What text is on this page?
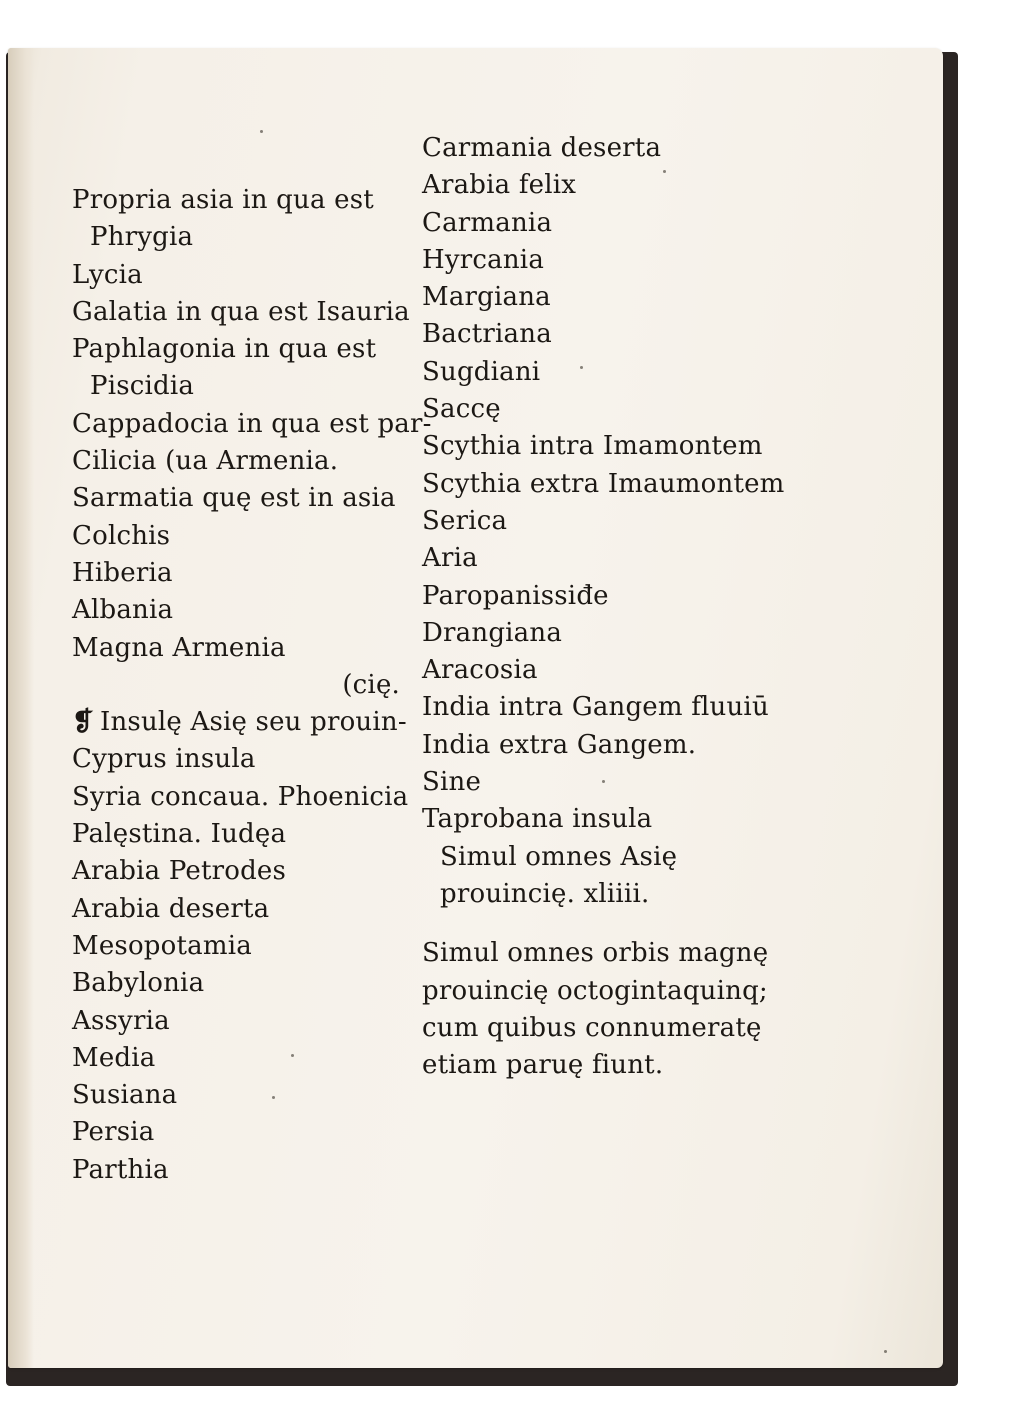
Propria asia in qua est
Phrygia
Lycia
Galatia in qua est Isauria
Paphlagonia in qua est
Piscidia
Cappadocia in qua est par-
Cilicia (ua Armenia.
Sarmatia quę est in asia
Colchis
Hiberia
Albania
Magna Armenia
(cię.
❡ Insulę Asię seu prouin-
Cyprus insula
Syria concaua. Phoenicia
Palęstina. Iudęa
Arabia Petrodes
Arabia deserta
Mesopotamia
Babylonia
Assyria
Media
Susiana
Persia
Parthia
Carmania deserta
Arabia felix
Carmania
Hyrcania
Margiana
Bactriana
Sugdiani
Saccę
Scythia intra Imamontem
Scythia extra Imaumontem
Serica
Aria
Paropanissiđe
Drangiana
Aracosia
India intra Gangem fluuiū
India extra Gangem.
Sine
Taprobana insula
Simul omnes Asię
prouincię. xliiii.
Simul omnes orbis magnę
prouincię octogintaquinq;
cum quibus connumeratę
etiam paruę fiunt.
